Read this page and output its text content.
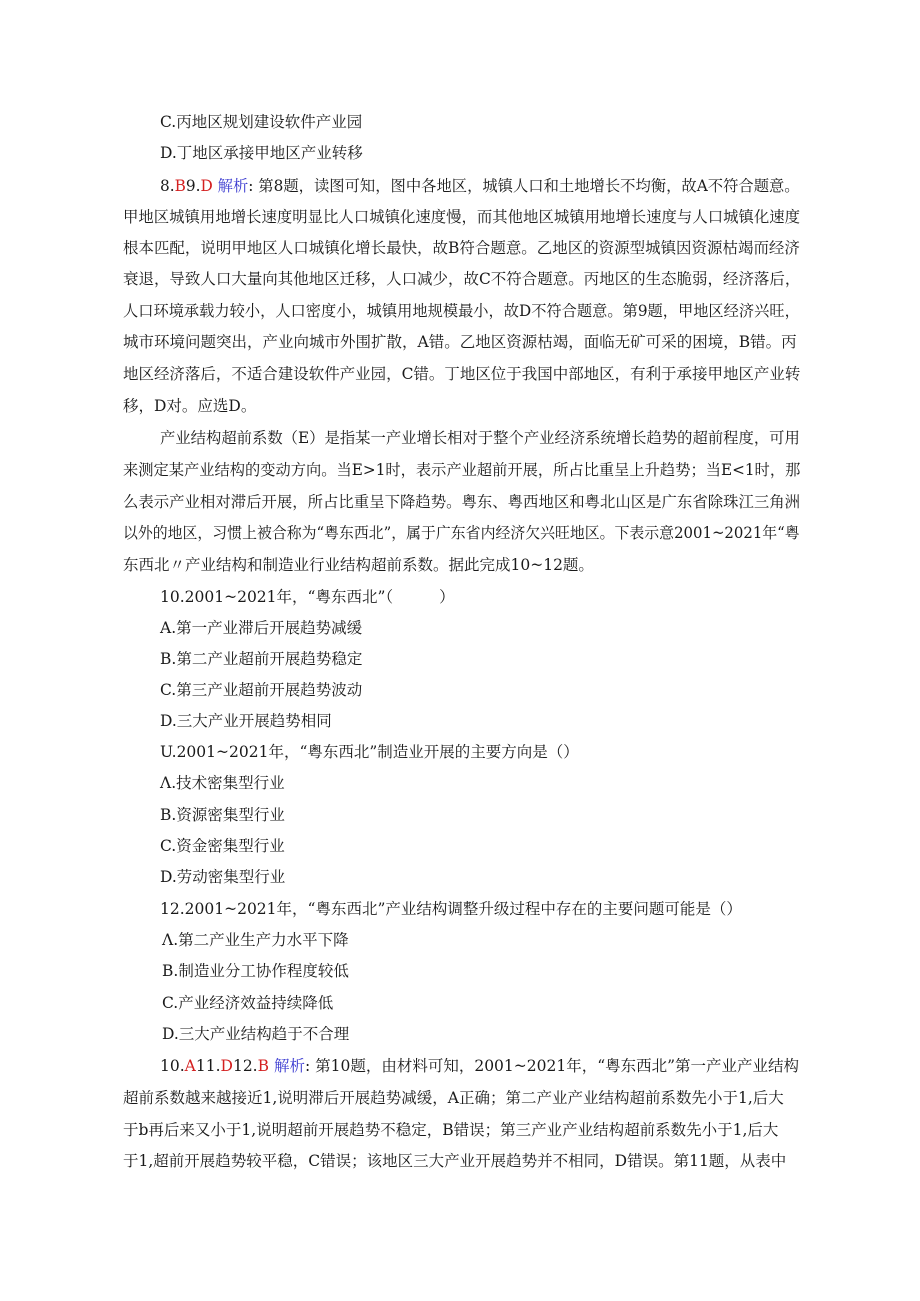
C.丙地区规划建设软件产业园
D.丁地区承接甲地区产业转移
8.B9.D 解析: 第8题，读图可知，图中各地区，城镇人口和土地增长不均衡，故A不符合题意。
甲地区城镇用地增长速度明显比人口城镇化速度慢，而其他地区城镇用地增长速度与人口城镇化速度
根本匹配，说明甲地区人口城镇化增长最快，故B符合题意。乙地区的资源型城镇因资源枯竭而经济
衰退，导致人口大量向其他地区迁移，人口减少，故C不符合题意。丙地区的生态脆弱，经济落后，
人口环境承载力较小，人口密度小，城镇用地规模最小，故D不符合题意。第9题，甲地区经济兴旺，
城市环境问题突出，产业向城市外围扩散，A错。乙地区资源枯竭，面临无矿可采的困境，B错。丙
地区经济落后，不适合建设软件产业园，C错。丁地区位于我国中部地区，有利于承接甲地区产业转
移，D对。应选D。
产业结构超前系数（E）是指某一产业增长相对于整个产业经济系统增长趋势的超前程度，可用
来测定某产业结构的变动方向。当E>1时，表示产业超前开展，所占比重呈上升趋势；当E<1时，那
么表示产业相对滞后开展，所占比重呈下降趋势。粤东、粤西地区和粤北山区是广东省除珠江三角洲
以外的地区，习惯上被合称为“粤东西北”，属于广东省内经济欠兴旺地区。下表示意2001~2021年“粤
东西北〃产业结构和制造业行业结构超前系数。据此完成10~12题。
10.2001~2021年，“粤东西北”（	）
A.第一产业滞后开展趋势减缓
B.第二产业超前开展趋势稳定
C.第三产业超前开展趋势波动
D.三大产业开展趋势相同
U.2001~2021年，“粤东西北”制造业开展的主要方向是（）
Λ.技术密集型行业
B.资源密集型行业
C.资金密集型行业
D.劳动密集型行业
12.2001~2021年，“粤东西北”产业结构调整升级过程中存在的主要问题可能是（）
Λ.第二产业生产力水平下降
B.制造业分工协作程度较低
C.产业经济效益持续降低
D.三大产业结构趋于不合理
10.A11.D12.B 解析: 第10题，由材料可知，2001~2021年，“粤东西北”第一产业产业结构
超前系数越来越接近1,说明滞后开展趋势减缓，A正确；第二产业产业结构超前系数先小于1,后大
于b再后来又小于1,说明超前开展趋势不稳定，B错误；第三产业产业结构超前系数先小于1,后大
于1,超前开展趋势较平稳，C错误；该地区三大产业开展趋势并不相同，D错误。第11题，从表中
